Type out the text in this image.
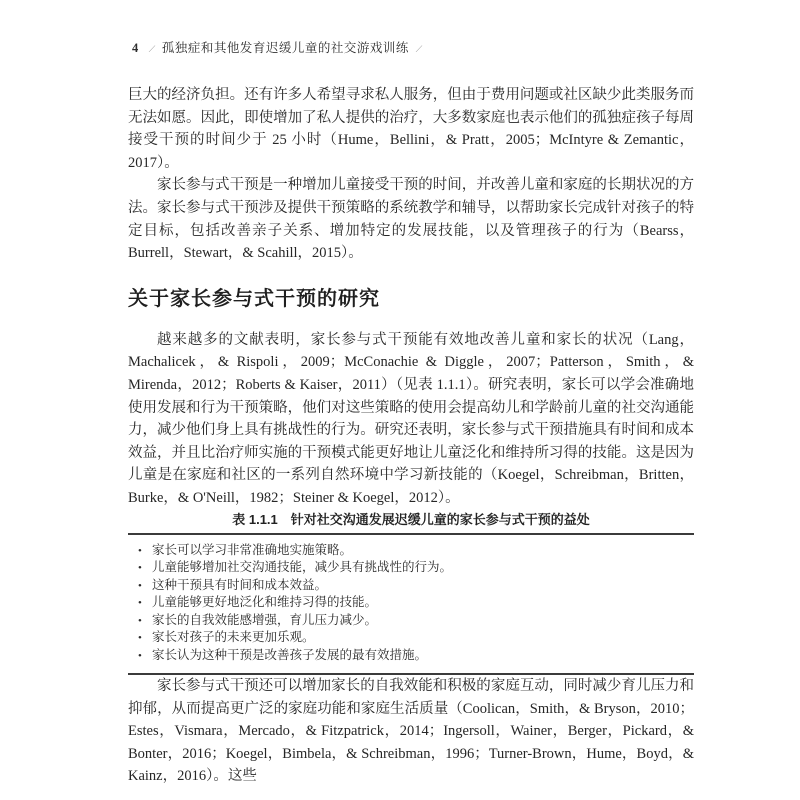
4 ⁄ 孤独症和其他发育迟缓儿童的社交游戏训练 ⁄

巨大的经济负担。还有许多人希望寻求私人服务，但由于费用问题或社区缺少此类服务而无法如愿。因此，即使增加了私人提供的治疗，大多数家庭也表示他们的孤独症孩子每周接受干预的时间少于 25 小时（Hume，Bellini，& Pratt，2005；McIntyre & Zemantic，2017）。

家长参与式干预是一种增加儿童接受干预的时间，并改善儿童和家庭的长期状况的方法。家长参与式干预涉及提供干预策略的系统教学和辅导，以帮助家长完成针对孩子的特定目标，包括改善亲子关系、增加特定的发展技能，以及管理孩子的行为（Bearss，Burrell，Stewart，& Scahill，2015）。

关于家长参与式干预的研究

越来越多的文献表明，家长参与式干预能有效地改善儿童和家长的状况（Lang，Machalicek，& Rispoli，2009；McConachie & Diggle，2007；Patterson，Smith，& Mirenda，2012；Roberts & Kaiser，2011）（见表 1.1.1）。研究表明，家长可以学会准确地使用发展和行为干预策略，他们对这些策略的使用会提高幼儿和学龄前儿童的社交沟通能力，减少他们身上具有挑战性的行为。研究还表明，家长参与式干预措施具有时间和成本效益，并且比治疗师实施的干预模式能更好地让儿童泛化和维持所习得的技能。这是因为儿童是在家庭和社区的一系列自然环境中学习新技能的（Koegel，Schreibman，Britten，Burke，& O'Neill，1982；Steiner & Koegel，2012）。

表 1.1.1　针对社交沟通发展迟缓儿童的家长参与式干预的益处
• 家长可以学习非常准确地实施策略。
• 儿童能够增加社交沟通技能，减少具有挑战性的行为。
• 这种干预具有时间和成本效益。
• 儿童能够更好地泛化和维持习得的技能。
• 家长的自我效能感增强，育儿压力减少。
• 家长对孩子的未来更加乐观。
• 家长认为这种干预是改善孩子发展的最有效措施。

家长参与式干预还可以增加家长的自我效能和积极的家庭互动，同时减少育儿压力和抑郁，从而提高更广泛的家庭功能和家庭生活质量（Coolican，Smith，& Bryson，2010；Estes，Vismara，Mercado，& Fitzpatrick，2014；Ingersoll，Wainer，Berger，Pickard，& Bonter，2016；Koegel，Bimbela，& Schreibman，1996；Turner-Brown，Hume，Boyd，& Kainz，2016）。这些
